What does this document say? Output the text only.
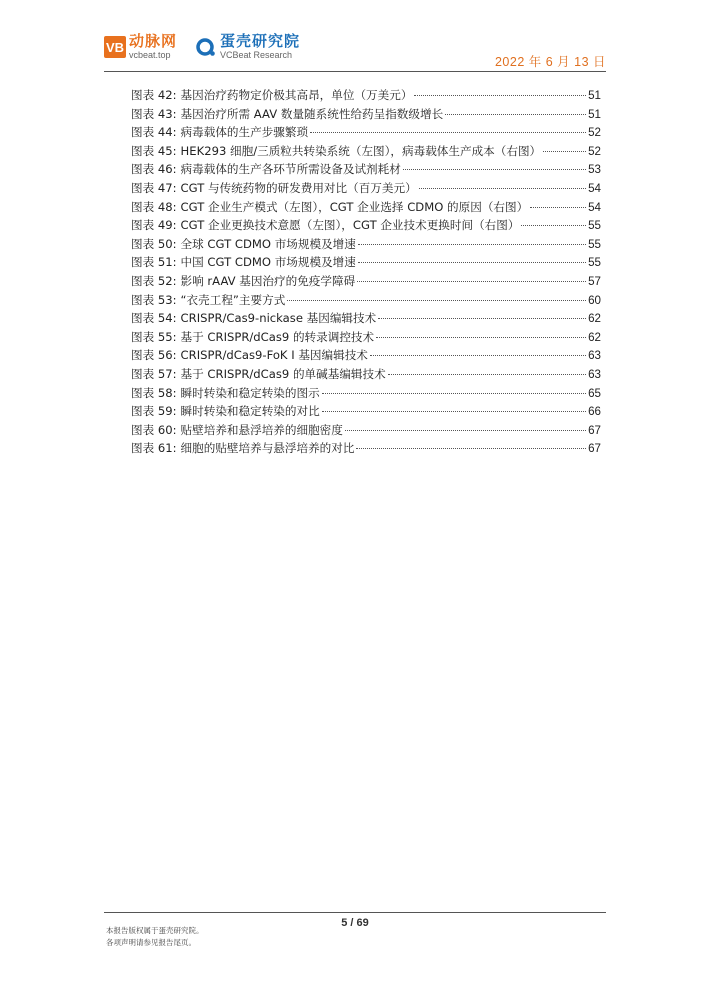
VB 动脉网
vcbeat.top
蛋壳研究院
VCBeat Research	2022 年 6 月 13 日
图表 42: 基因治疗药物定价极其高昂，单位（万美元）	51
图表 43: 基因治疗所需 AAV 数量随系统性给药呈指数级增长	51
图表 44: 病毒载体的生产步骤繁琐	52
图表 45: HEK293 细胞/三质粒共转染系统（左图），病毒载体生产成本（右图）	52
图表 46: 病毒载体的生产各环节所需设备及试剂耗材	53
图表 47: CGT 与传统药物的研发费用对比（百万美元）	54
图表 48: CGT 企业生产模式（左图），CGT 企业选择 CDMO 的原因（右图）	54
图表 49: CGT 企业更换技术意愿（左图），CGT 企业技术更换时间（右图）	55
图表 50: 全球 CGT CDMO 市场规模及增速	55
图表 51: 中国 CGT CDMO 市场规模及增速	55
图表 52: 影响 rAAV 基因治疗的免疫学障碍	57
图表 53: “衣壳工程”主要方式	60
图表 54: CRISPR/Cas9-nickase 基因编辑技术	62
图表 55: 基于 CRISPR/dCas9 的转录调控技术	62
图表 56: CRISPR/dCas9-FoK I 基因编辑技术	63
图表 57: 基于 CRISPR/dCas9 的单碱基编辑技术	63
图表 58: 瞬时转染和稳定转染的图示	65
图表 59: 瞬时转染和稳定转染的对比	66
图表 60: 贴壁培养和悬浮培养的细胞密度	67
图表 61: 细胞的贴壁培养与悬浮培养的对比	67
5 / 69
本报告版权属于蛋壳研究院。
各项声明请参见报告尾页。
